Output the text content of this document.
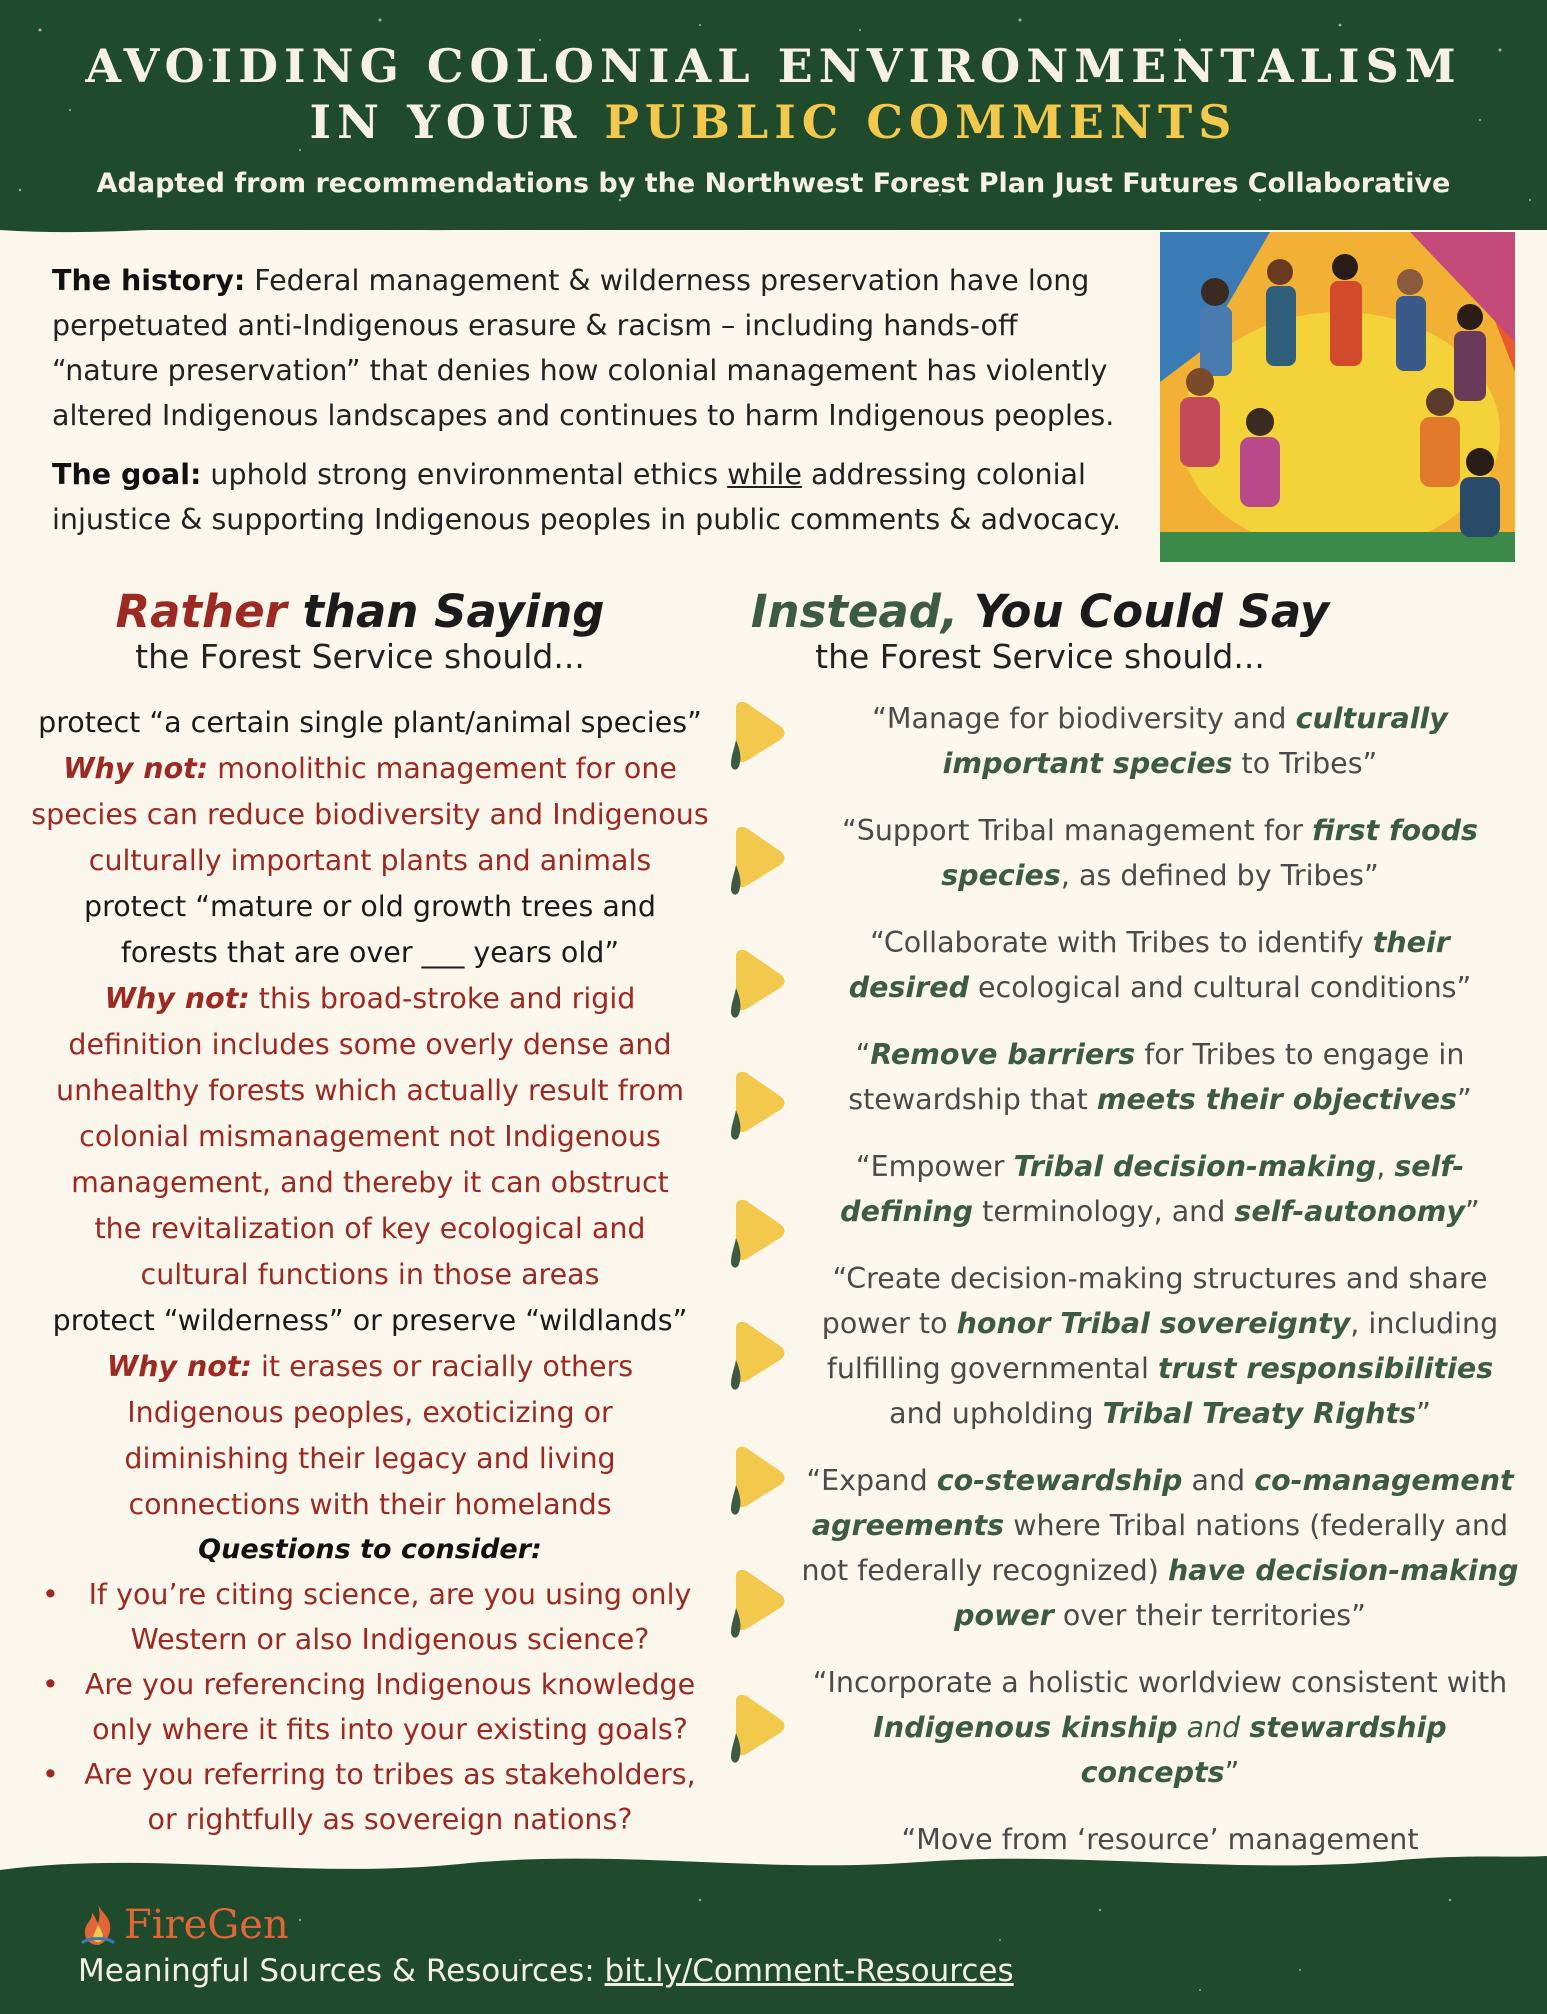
AVOIDING COLONIAL ENVIRONMENTALISM
IN YOUR PUBLIC COMMENTS
Adapted from recommendations by the Northwest Forest Plan Just Futures Collaborative

The history: Federal management & wilderness preservation have long perpetuated anti-Indigenous erasure & racism – including hands-off “nature preservation” that denies how colonial management has violently altered Indigenous landscapes and continues to harm Indigenous peoples.

The goal: uphold strong environmental ethics while addressing colonial injustice & supporting Indigenous peoples in public comments & advocacy.

Rather than Saying
the Forest Service should...
Instead, You Could Say
the Forest Service should...
protect “a certain single plant/animal species”
Why not: monolithic management for one species can reduce biodiversity and Indigenous culturally important plants and animals
protect “mature or old growth trees and forests that are over ___ years old”
Why not: this broad-stroke and rigid definition includes some overly dense and unhealthy forests which actually result from colonial mismanagement not Indigenous management, and thereby it can obstruct the revitalization of key ecological and cultural functions in those areas
protect “wilderness” or preserve “wildlands”
Why not: it erases or racially others Indigenous peoples, exoticizing or diminishing their legacy and living connections with their homelands
Questions to consider:
• If you’re citing science, are you using only Western or also Indigenous science?
• Are you referencing Indigenous knowledge only where it fits into your existing goals?
• Are you referring to tribes as stakeholders, or rightfully as sovereign nations?
“Manage for biodiversity and culturally important species to Tribes”
“Support Tribal management for first foods species, as defined by Tribes”
“Collaborate with Tribes to identify their desired ecological and cultural conditions”
“Remove barriers for Tribes to engage in stewardship that meets their objectives”
“Empower Tribal decision-making, self-defining terminology, and self-autonomy”
“Create decision-making structures and share power to honor Tribal sovereignty, including fulfilling governmental trust responsibilities and upholding Tribal Treaty Rights”
“Expand co-stewardship and co-management agreements where Tribal nations (federally and not federally recognized) have decision-making power over their territories”
“Incorporate a holistic worldview consistent with Indigenous kinship and stewardship concepts”
“Move from ‘resource’ management
FireGen
Meaningful Sources & Resources: bit.ly/Comment-Resources
